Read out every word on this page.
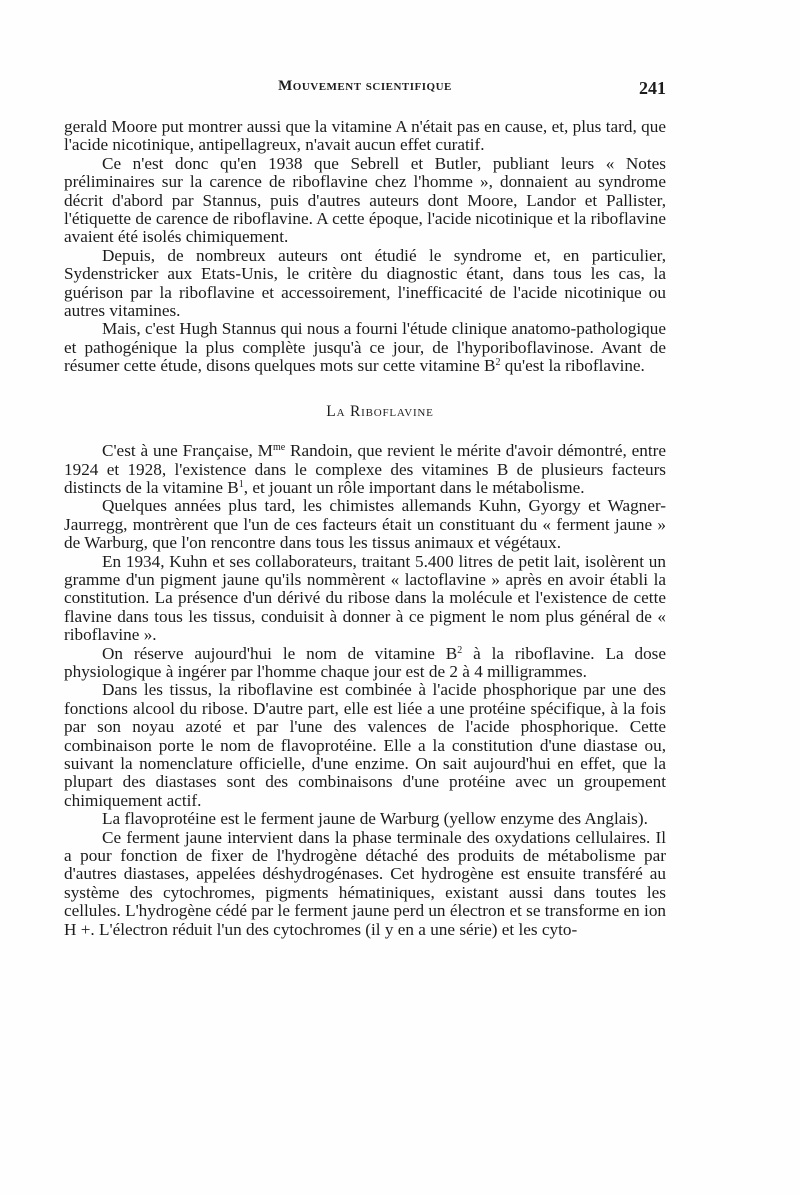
Mouvement scientifique	241

gerald Moore put montrer aussi que la vitamine A n'était pas en cause, et, plus tard, que l'acide nicotinique, antipellagreux, n'avait aucun effet curatif.

Ce n'est donc qu'en 1938 que Sebrell et Butler, publiant leurs « Notes préliminaires sur la carence de riboflavine chez l'homme », donnaient au syndrome décrit d'abord par Stannus, puis d'autres auteurs dont Moore, Landor et Pallister, l'étiquette de carence de riboflavine. A cette époque, l'acide nicotinique et la riboflavine avaient été isolés chimiquement.

Depuis, de nombreux auteurs ont étudié le syndrome et, en particulier, Sydenstricker aux Etats-Unis, le critère du diagnostic étant, dans tous les cas, la guérison par la riboflavine et accessoirement, l'inefficacité de l'acide nicotinique ou autres vitamines.

Mais, c'est Hugh Stannus qui nous a fourni l'étude clinique anatomo-pathologique et pathogénique la plus complète jusqu'à ce jour, de l'hyporiboflavinose. Avant de résumer cette étude, disons quelques mots sur cette vitamine $B^2$ qu'est la riboflavine.

La Riboflavine

C'est à une Française, $M^{me}$ Randoin, que revient le mérite d'avoir démontré, entre 1924 et 1928, l'existence dans le complexe des vitamines B de plusieurs facteurs distincts de la vitamine $B^1$, et jouant un rôle important dans le métabolisme.

Quelques années plus tard, les chimistes allemands Kuhn, Gyorgy et Wagner-Jaurregg, montrèrent que l'un de ces facteurs était un constituant du « ferment jaune » de Warburg, que l'on rencontre dans tous les tissus animaux et végétaux.

En 1934, Kuhn et ses collaborateurs, traitant 5.400 litres de petit lait, isolèrent un gramme d'un pigment jaune qu'ils nommèrent « lactoflavine » après en avoir établi la constitution. La présence d'un dérivé du ribose dans la molécule et l'existence de cette flavine dans tous les tissus, conduisit à donner à ce pigment le nom plus général de « riboflavine ».

On réserve aujourd'hui le nom de vitamine $B^2$ à la riboflavine. La dose physiologique à ingérer par l'homme chaque jour est de 2 à 4 milligrammes.

Dans les tissus, la riboflavine est combinée à l'acide phosphorique par une des fonctions alcool du ribose. D'autre part, elle est liée a une protéine spécifique, à la fois par son noyau azoté et par l'une des valences de l'acide phosphorique. Cette combinaison porte le nom de flavoprotéine. Elle a la constitution d'une diastase ou, suivant la nomenclature officielle, d'une enzime. On sait aujourd'hui en effet, que la plupart des diastases sont des combinaisons d'une protéine avec un groupement chimiquement actif.

La flavoprotéine est le ferment jaune de Warburg (yellow enzyme des Anglais).

Ce ferment jaune intervient dans la phase terminale des oxydations cellulaires. Il a pour fonction de fixer de l'hydrogène détaché des produits de métabolisme par d'autres diastases, appelées déshydrogénases. Cet hydrogène est ensuite transféré au système des cytochromes, pigments hématiniques, existant aussi dans toutes les cellules. L'hydrogène cédé par le ferment jaune perd un électron et se transforme en ion H +. L'électron réduit l'un des cytochromes (il y en a une série) et les cyto-
